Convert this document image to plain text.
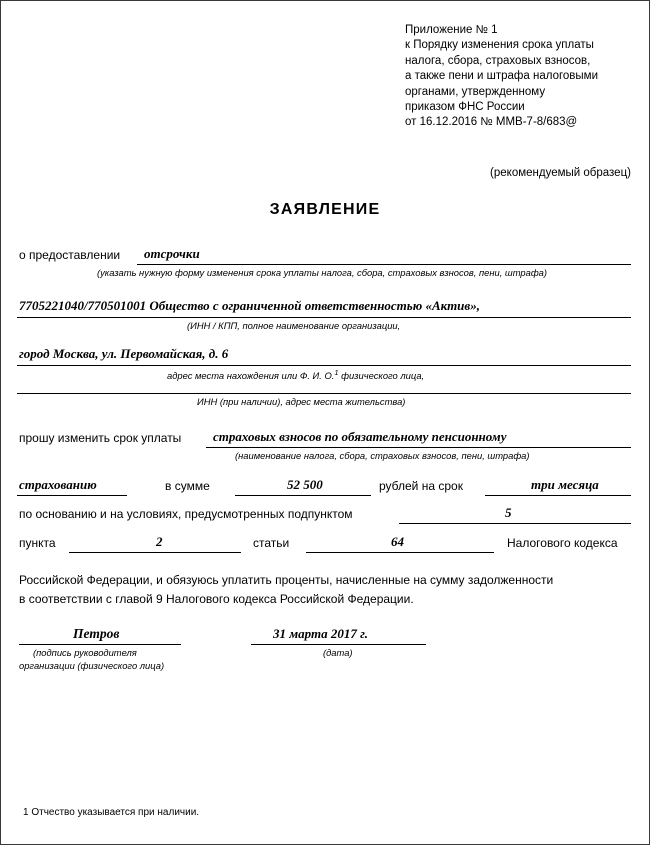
Приложение № 1
к Порядку изменения срока уплаты
налога, сбора, страховых взносов,
а также пени и штрафа налоговыми
органами, утвержденному
приказом ФНС России
от 16.12.2016 № ММВ-7-8/683@
(рекомендуемый образец)
ЗАЯВЛЕНИЕ
о предоставлении отсрочки
(указать нужную форму изменения срока уплаты налога, сбора, страховых взносов, пени, штрафа)
7705221040/770501001 Общество с ограниченной ответственностью «Актив»,
(ИНН / КПП, полное наименование организации,
город Москва, ул. Первомайская, д. 6
адрес места нахождения или Ф. И. О.$^1$ физического лица,
ИНН (при наличии), адрес места жительства)
прошу изменить срок уплаты страховых взносов по обязательному пенсионному
(наименование налога, сбора, страховых взносов, пени, штрафа)
страхованию	в сумме	52 500	рублей на срок	три месяца
по основанию и на условиях, предусмотренных подпунктом	5
пункта	2	статьи	64	Налогового кодекса
Российской Федерации, и обязуюсь уплатить проценты, начисленные на сумму задолженности
в соответствии с главой 9 Налогового кодекса Российской Федерации.
Петров
(подпись руководителя
организации (физического лица)
31 марта 2017 г.
(дата)
1 Отчество указывается при наличии.
